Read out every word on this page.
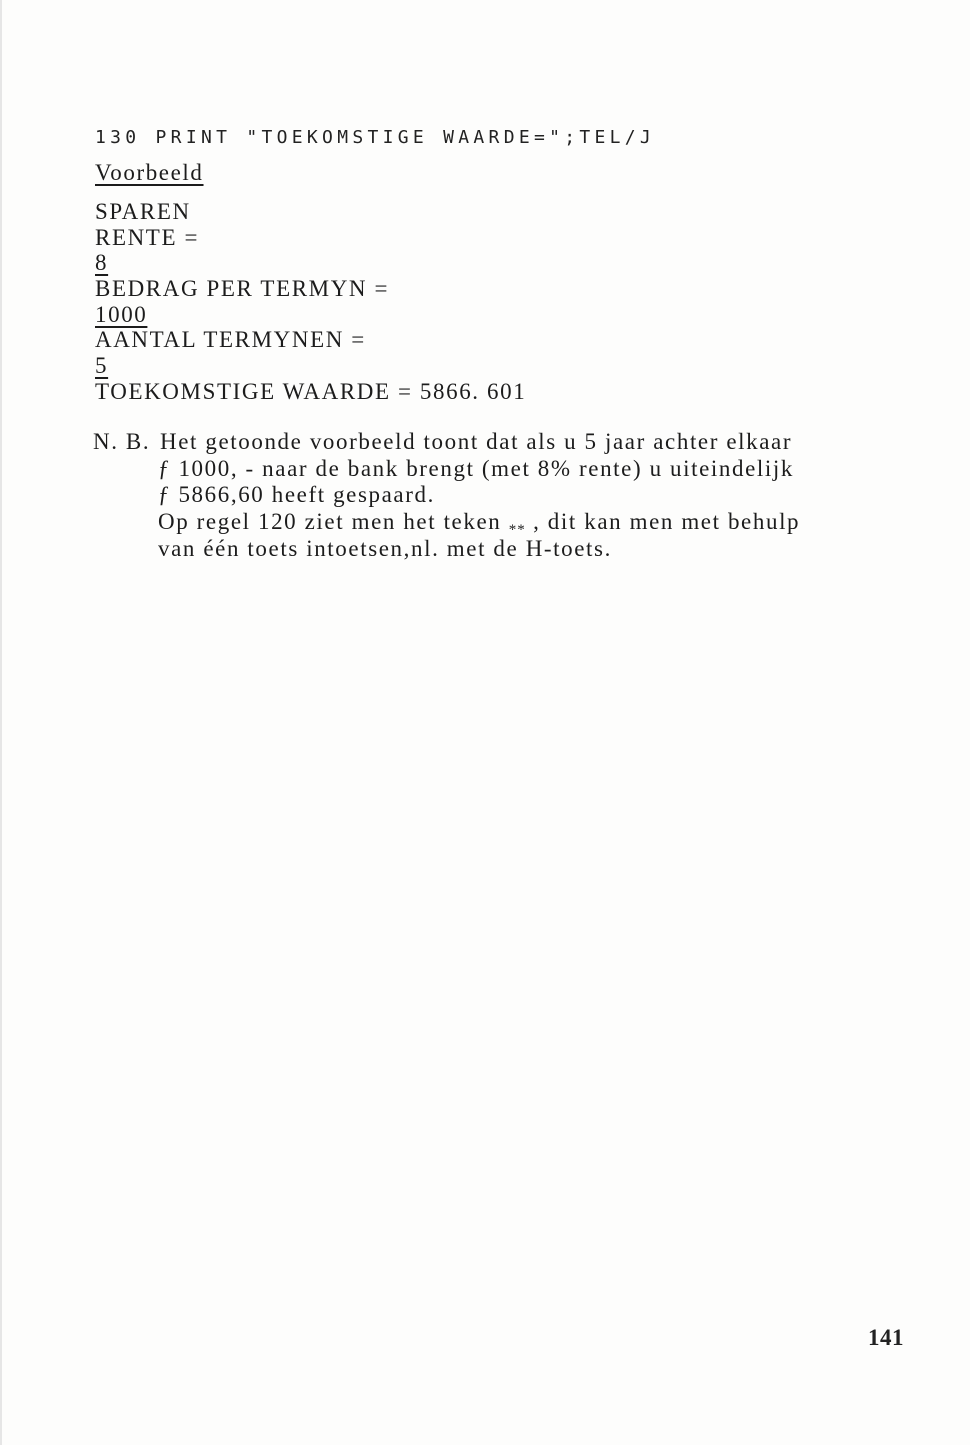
130 PRINT "TOEKOMSTIGE WAARDE=";TEL/J
Voorbeeld
SPAREN
RENTE =
8
BEDRAG PER TERMYN =
1000
AANTAL TERMYNEN =
5
TOEKOMSTIGE WAARDE = 5866. 601
N. B. Het getoonde voorbeeld toont dat als u 5 jaar achter elkaar
ƒ 1000, - naar de bank brengt (met 8% rente) u uiteindelijk
ƒ 5866,60 heeft gespaard.
Op regel 120 ziet men het teken $_{**}$ , dit kan men met behulp
van één toets intoetsen,nl. met de H-toets.
141
